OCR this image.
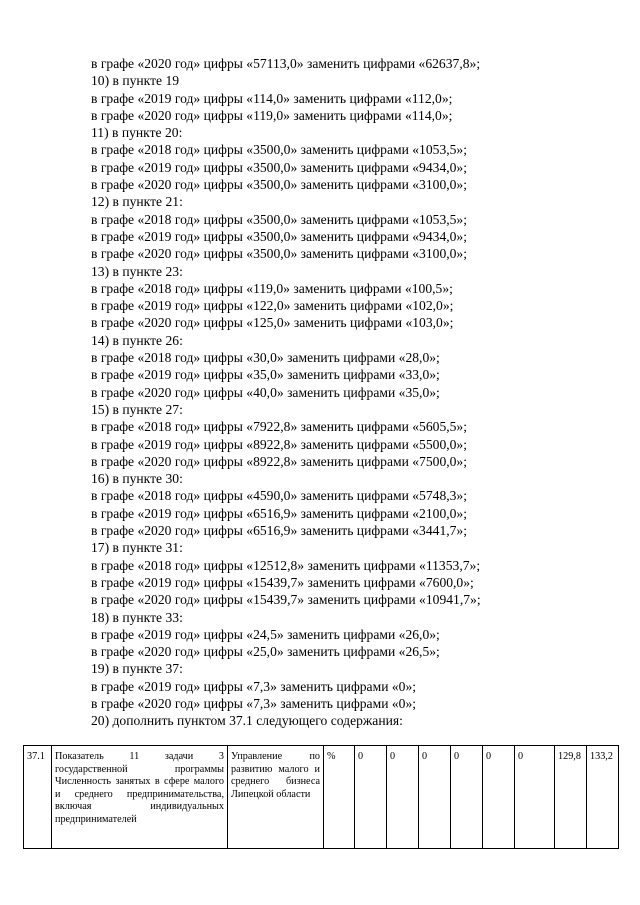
в графе «2020 год» цифры «57113,0» заменить цифрами «62637,8»;
10) в пункте 19
в графе «2019 год» цифры «114,0» заменить цифрами «112,0»;
в графе «2020 год» цифры «119,0» заменить цифрами «114,0»;
11) в пункте 20:
в графе «2018 год» цифры «3500,0» заменить цифрами «1053,5»;
в графе «2019 год» цифры «3500,0» заменить цифрами «9434,0»;
в графе «2020 год» цифры «3500,0» заменить цифрами «3100,0»;
12) в пункте 21:
в графе «2018 год» цифры «3500,0» заменить цифрами «1053,5»;
в графе «2019 год» цифры «3500,0» заменить цифрами «9434,0»;
в графе «2020 год» цифры «3500,0» заменить цифрами «3100,0»;
13) в пункте 23:
в графе «2018 год» цифры «119,0» заменить цифрами «100,5»;
в графе «2019 год» цифры «122,0» заменить цифрами «102,0»;
в графе «2020 год» цифры «125,0» заменить цифрами «103,0»;
14) в пункте 26:
в графе «2018 год» цифры «30,0» заменить цифрами «28,0»;
в графе «2019 год» цифры «35,0» заменить цифрами «33,0»;
в графе «2020 год» цифры «40,0» заменить цифрами «35,0»;
15) в пункте 27:
в графе «2018 год» цифры «7922,8» заменить цифрами «5605,5»;
в графе «2019 год» цифры «8922,8» заменить цифрами «5500,0»;
в графе «2020 год» цифры «8922,8» заменить цифрами «7500,0»;
16) в пункте 30:
в графе «2018 год» цифры «4590,0» заменить цифрами «5748,3»;
в графе «2019 год» цифры «6516,9» заменить цифрами «2100,0»;
в графе «2020 год» цифры «6516,9» заменить цифрами «3441,7»;
17) в пункте 31:
в графе «2018 год» цифры «12512,8» заменить цифрами «11353,7»;
в графе «2019 год» цифры «15439,7» заменить цифрами «7600,0»;
в графе «2020 год» цифры «15439,7» заменить цифрами «10941,7»;
18) в пункте 33:
в графе «2019 год» цифры «24,5» заменить цифрами «26,0»;
в графе «2020 год» цифры «25,0» заменить цифрами «26,5»;
19) в пункте 37:
в графе «2019 год» цифры «7,3» заменить цифрами «0»;
в графе «2020 год» цифры «7,3» заменить цифрами «0»;
20) дополнить пунктом 37.1 следующего содержания:
37.1	Показатель 11 задачи 3 государственной программы Численность занятых в сфере малого и среднего предпринимательства, включая индивидуальных предпринимателей	Управление по развитию малого и среднего бизнеса Липецкой области	%	0	0	0	0	0	0	129,8	133,2
